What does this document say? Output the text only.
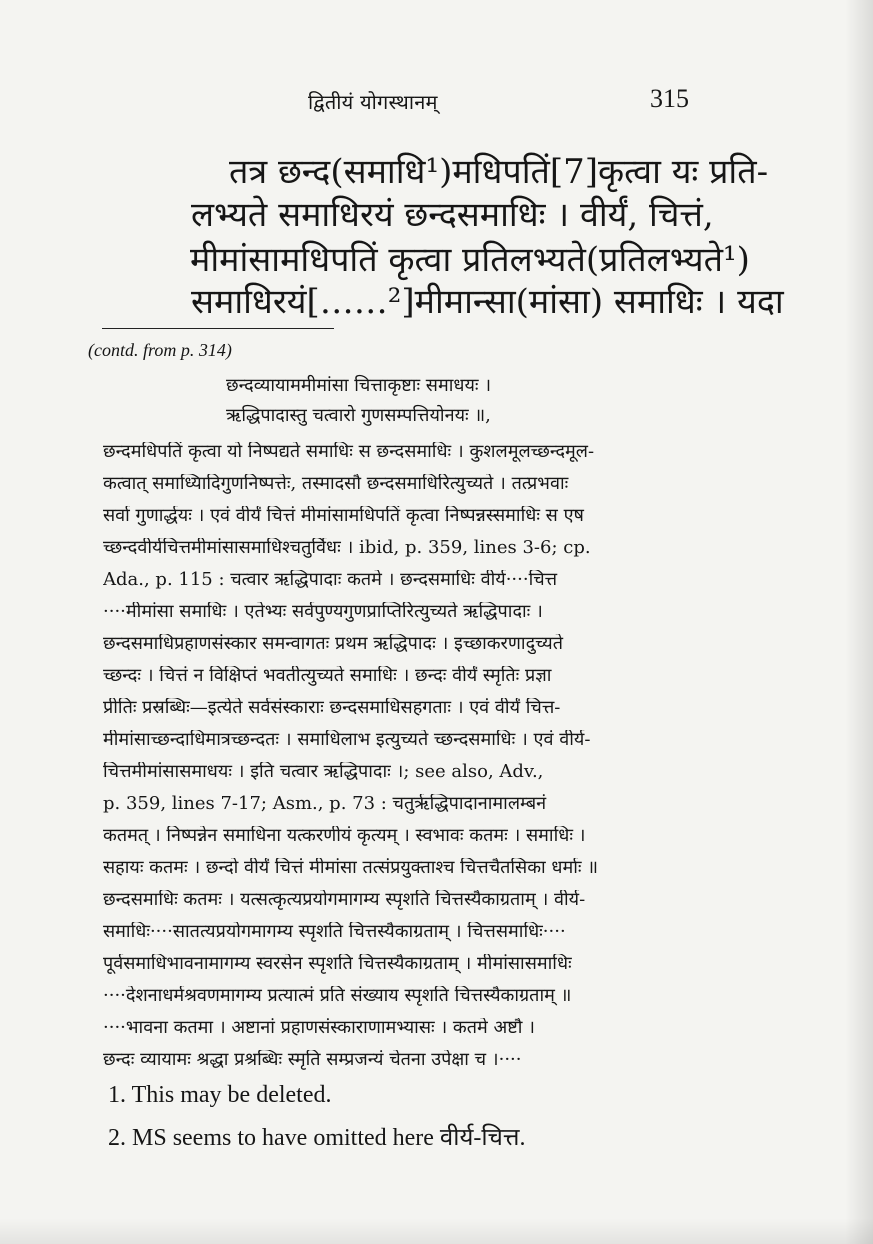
द्वितीयं योगस्थानम्	315
तत्र छन्द(समाधि¹)मधिपतिं[7]कृत्वा यः प्रति-
लभ्यते समाधिरयं छन्दसमाधिः । वीर्यं, चित्तं,
मीमांसामधिपतिं कृत्वा प्रतिलभ्यते(प्रतिलभ्यते¹)
समाधिरयं[……²]मीमान्सा(मांसा) समाधिः । यदा
(contd. from p. 314)
छन्दव्यायाममीमांसा चित्ताकृष्टाः समाधयः ।
ऋद्धिपादास्तु चत्वारो गुणसम्पत्तियोनयः ॥,
छन्दमधिपतिं कृत्वा यो निष्पद्यते समाधिः स छन्दसमाधिः । कुशलमूलच्छन्दमूल-
कत्वात् समाध्यिादिगुणनिष्पत्तेः, तस्मादसौ छन्दसमाधिरित्युच्यते । तत्प्रभवाः
सर्वा गुणार्द्धयः । एवं वीर्यं चित्तं मीमांसामधिपतिं कृत्वा निष्पन्नस्समाधिः स एष
च्छन्दवीर्यचित्तमीमांसासमाधिश्चतुर्विधः । ibid, p. 359, lines 3-6; cp.
Ada., p. 115 : चत्वार ऋद्धिपादाः कतमे । छन्दसमाधिः वीर्य····चित्त
····मीमांसा समाधिः । एतेभ्यः सर्वपुण्यगुणप्राप्तिरित्युच्यते ऋद्धिपादाः ।
छन्दसमाधिप्रहाणसंस्कार समन्वागतः प्रथम ऋद्धिपादः । इच्छाकरणादुच्यते
च्छन्दः । चित्तं न विक्षिप्तं भवतीत्युच्यते समाधिः । छन्दः वीर्यं स्मृतिः प्रज्ञा
प्रीतिः प्रस्रब्धिः—इत्येते सर्वसंस्काराः छन्दसमाधिसहगताः । एवं वीर्यं चित्त-
मीमांसाच्छन्दाधिमात्रच्छन्दतः । समाधिलाभ इत्युच्यते च्छन्दसमाधिः । एवं वीर्य-
चित्तमीमांसासमाधयः । इति चत्वार ऋद्धिपादाः ।; see also, Adv.,
p. 359, lines 7-17; Asm., p. 73 : चतुर्ऋद्धिपादानामालम्बनं
कतमत् । निष्पन्नेन समाधिना यत्करणीयं कृत्यम् । स्वभावः कतमः । समाधिः ।
सहायः कतमः । छन्दो वीर्यं चित्तं मीमांसा तत्संप्रयुक्ताश्च चित्तचैतसिका धर्माः ॥
छन्दसमाधिः कतमः । यत्सत्कृत्यप्रयोगमागम्य स्पृशति चित्तस्यैकाग्रताम् । वीर्य-
समाधिः····सातत्यप्रयोगमागम्य स्पृशति चित्तस्यैकाग्रताम् । चित्तसमाधिः····
पूर्वसमाधिभावनामागम्य स्वरसेन स्पृशति चित्तस्यैकाग्रताम् । मीमांसासमाधिः
····देशनाधर्मश्रवणमागम्य प्रत्यात्मं प्रति संख्याय स्पृशति चित्तस्यैकाग्रताम् ॥
····भावना कतमा । अष्टानां प्रहाणसंस्काराणामभ्यासः । कतमे अष्टौ ।
छन्दः व्यायामः श्रद्धा प्रश्रब्धिः स्मृति सम्प्रजन्यं चेतना उपेक्षा च ।····
1. This may be deleted.
2. MS seems to have omitted here वीर्य-चित्त.
